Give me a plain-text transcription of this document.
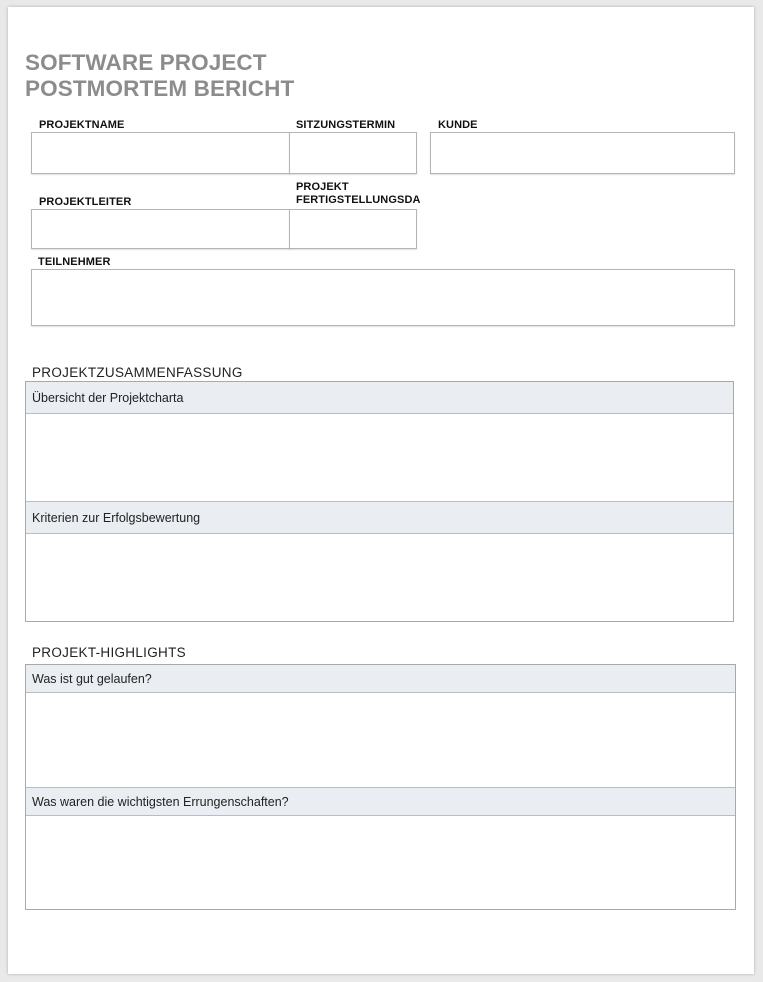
SOFTWARE PROJECT
POSTMORTEM BERICHT
PROJEKTNAME	SITZUNGSTERMIN	KUNDE
PROJEKTLEITER
PROJEKT
FERTIGSTELLUNGSDA
TEILNEHMER
PROJEKTZUSAMMENFASSUNG
Übersicht der Projektcharta
Kriterien zur Erfolgsbewertung
PROJEKT-HIGHLIGHTS
Was ist gut gelaufen?
Was waren die wichtigsten Errungenschaften?
